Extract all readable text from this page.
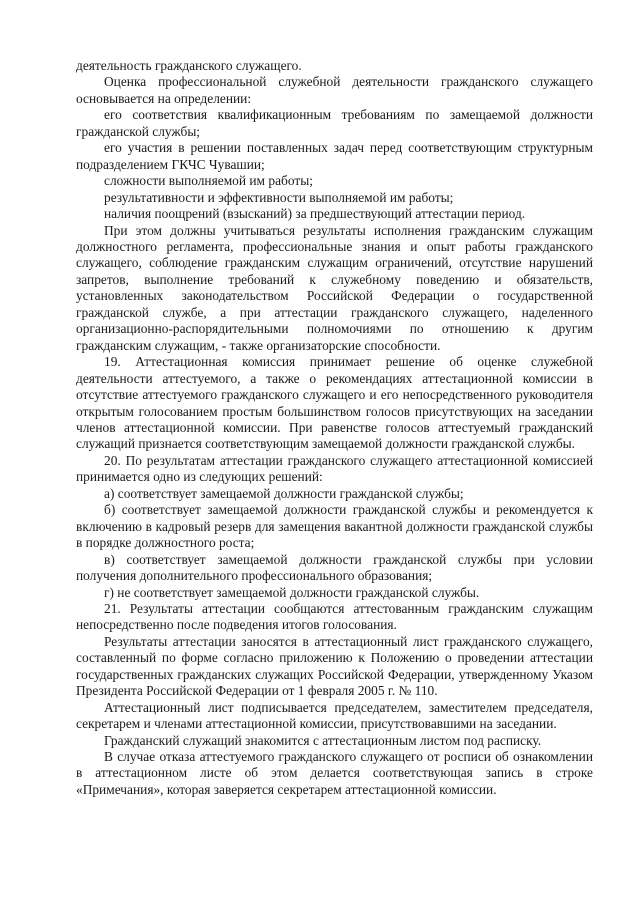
деятельность гражданского служащего.

Оценка профессиональной служебной деятельности гражданского служащего основывается на определении:

его соответствия квалификационным требованиям по замещаемой должности гражданской службы;

его участия в решении поставленных задач перед соответствующим структурным подразделением ГКЧС Чувашии;

сложности выполняемой им работы;

результативности и эффективности выполняемой им работы;

наличия поощрений (взысканий) за предшествующий аттестации период.

При этом должны учитываться результаты исполнения гражданским служащим должностного регламента, профессиональные знания и опыт работы гражданского служащего, соблюдение гражданским служащим ограничений, отсутствие нарушений запретов, выполнение требований к служебному поведению и обязательств, установленных законодательством Российской Федерации о государственной гражданской службе, а при аттестации гражданского служащего, наделенного организационно-распорядительными полномочиями по отношению к другим гражданским служащим, - также организаторские способности.

19. Аттестационная комиссия принимает решение об оценке служебной деятельности аттестуемого, а также о рекомендациях аттестационной комиссии в отсутствие аттестуемого гражданского служащего и его непосредственного руководителя открытым голосованием простым большинством голосов присутствующих на заседании членов аттестационной комиссии. При равенстве голосов аттестуемый гражданский служащий признается соответствующим замещаемой должности гражданской службы.

20. По результатам аттестации гражданского служащего аттестационной комиссией принимается одно из следующих решений:

а) соответствует замещаемой должности гражданской службы;

б) соответствует замещаемой должности гражданской службы и рекомендуется к включению в кадровый резерв для замещения вакантной должности гражданской службы в порядке должностного роста;

в) соответствует замещаемой должности гражданской службы при условии получения дополнительного профессионального образования;

г) не соответствует замещаемой должности гражданской службы.

21. Результаты аттестации сообщаются аттестованным гражданским служащим непосредственно после подведения итогов голосования.

Результаты аттестации заносятся в аттестационный лист гражданского служащего, составленный по форме согласно приложению к Положению о проведении аттестации государственных гражданских служащих Российской Федерации, утвержденному Указом Президента Российской Федерации от 1 февраля 2005 г. № 110.

Аттестационный лист подписывается председателем, заместителем председателя, секретарем и членами аттестационной комиссии, присутствовавшими на заседании.

Гражданский служащий знакомится с аттестационным листом под расписку.

В случае отказа аттестуемого гражданского служащего от росписи об ознакомлении в аттестационном листе об этом делается соответствующая запись в строке «Примечания», которая заверяется секретарем аттестационной комиссии.
